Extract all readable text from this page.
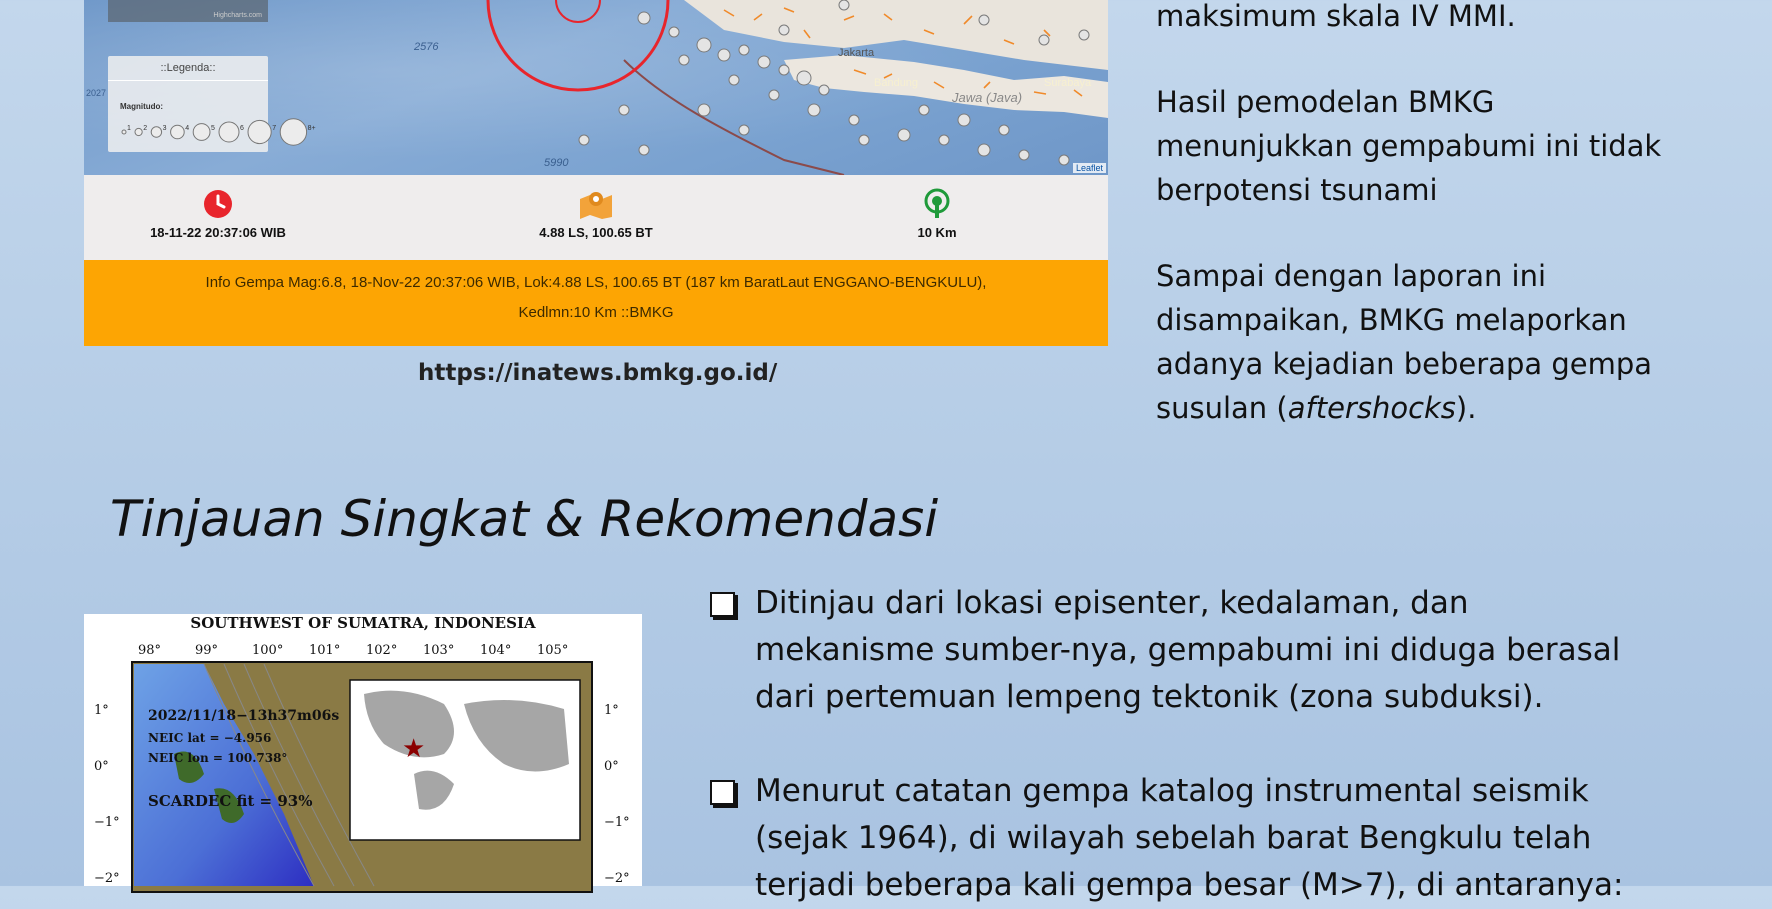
Jakarta
Bandung
Jawa (Java)
Surabaya
2576
5990
2027
Highcharts.com
::Legenda::
Magnitudo:
1 2 3	4	5	6	7	8+
Leaflet
18-11-22 20:37:06 WIB	4.88 LS, 100.65 BT	10 Km
Info Gempa Mag:6.8, 18-Nov-22 20:37:06 WIB, Lok:4.88 LS, 100.65 BT (187 km BaratLaut ENGGANO-BENGKULU),
Kedlmn:10 Km ::BMKG
https://inatews.bmkg.go.id/
maksimum skala IV MMI.
Hasil pemodelan BMKG
menunjukkan gempabumi ini tidak
berpotensi tsunami
Sampai dengan laporan ini
disampaikan, BMKG melaporkan
adanya kejadian beberapa gempa
susulan (aftershocks).
Tinjauan Singkat & Rekomendasi
★
98°	99°	100° 101° 102° 103° 104° 105°
1°
0°
−1°
−2°
1°
0°
−1°
−2°
2022/11/18−13h37m06s
NEIC lat = −4.956
NEIC lon = 100.738°
SCARDEC fit = 93%
SOUTHWEST OF SUMATRA, INDONESIA
Ditinjau dari lokasi episenter, kedalaman, dan
mekanisme sumber-nya, gempabumi ini diduga berasal
dari pertemuan lempeng tektonik (zona subduksi).
Menurut catatan gempa katalog instrumental seismik
(sejak 1964), di wilayah sebelah barat Bengkulu telah
terjadi beberapa kali gempa besar (M>7), di antaranya:
